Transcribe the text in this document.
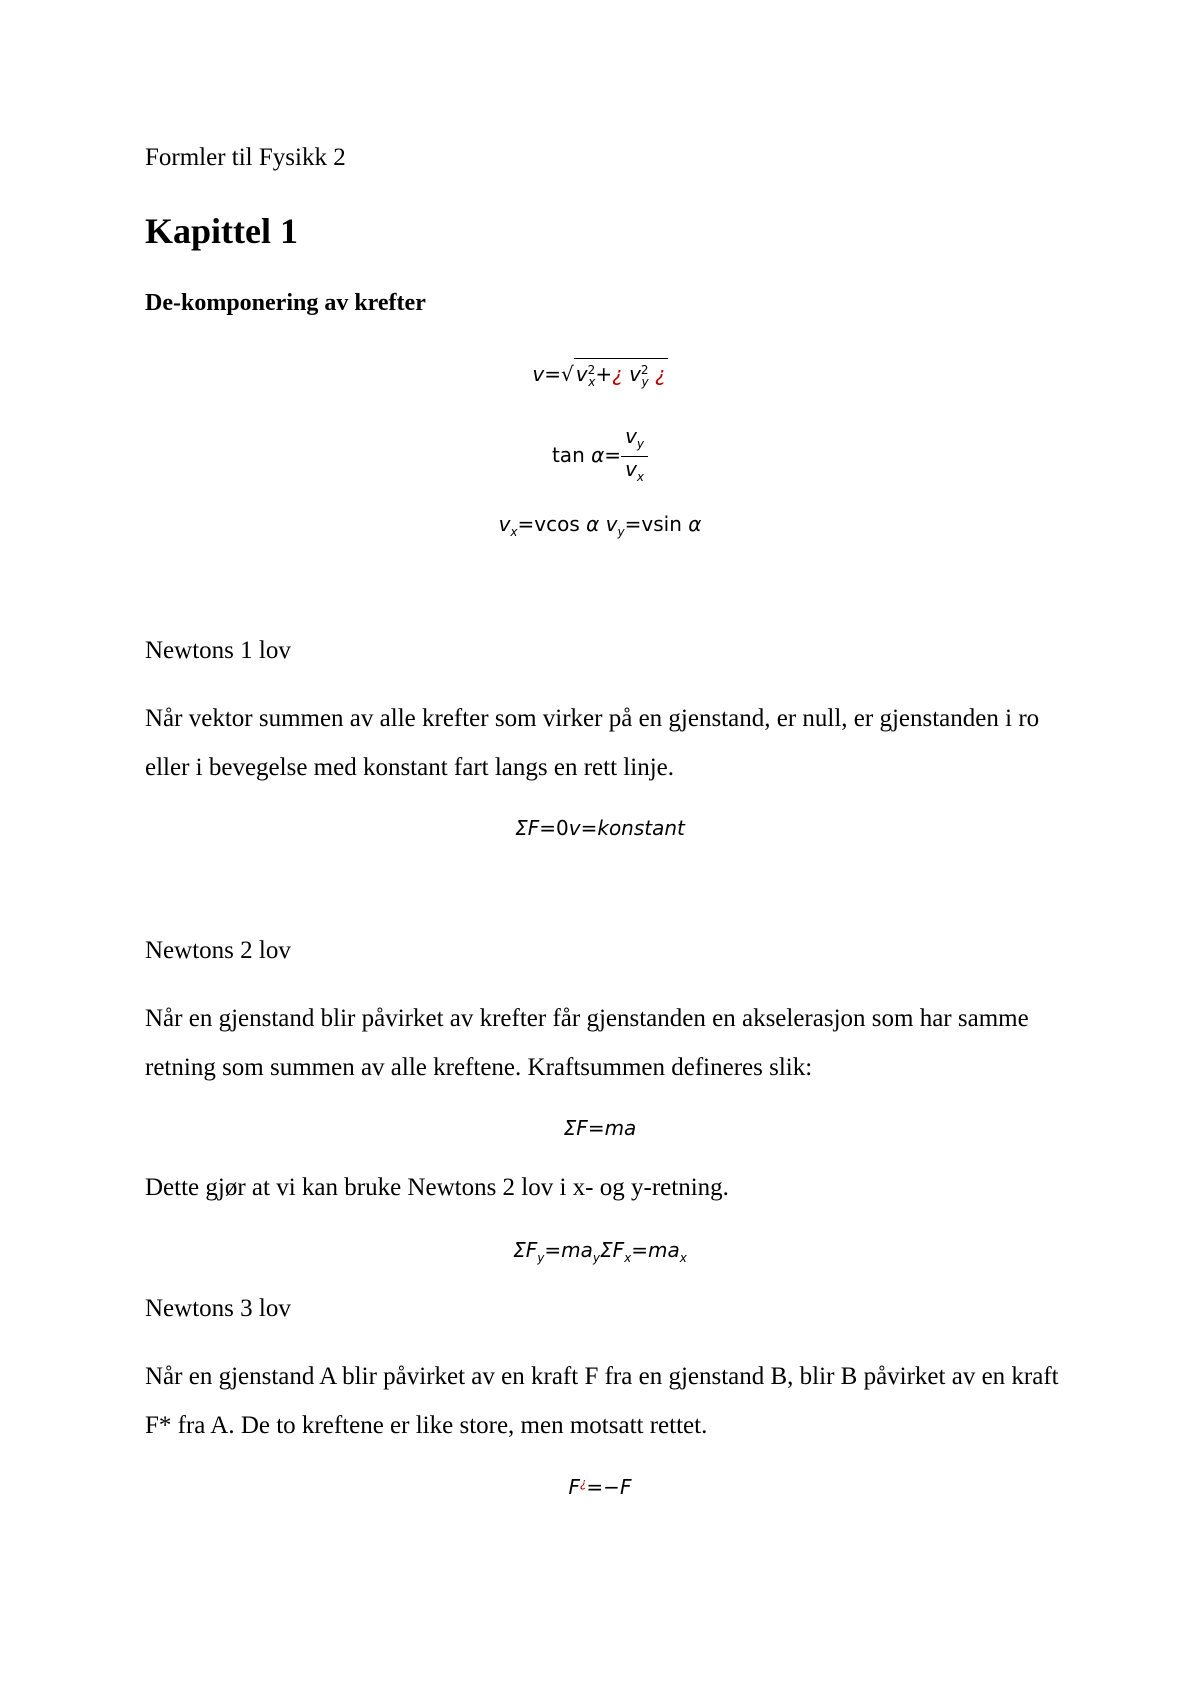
Formler til Fysikk 2
Kapittel 1
De-komponering av krefter
v=√ $v^2_x+¿$ $v^2_y$ ¿
$\tan \alpha= \frac{v_y}{v_x}$
$v_x=vcos$ α $v_y=vsin$ α
Newtons 1 lov
Når vektor summen av alle krefter som virker på en gjenstand, er null, er gjenstanden i ro eller i bevegelse med konstant fart langs en rett linje.
ΣF=0v=konstant
Newtons 2 lov
Når en gjenstand blir påvirket av krefter får gjenstanden en akselerasjon som har samme retning som summen av alle kreftene. Kraftsummen defineres slik:
ΣF=ma
Dette gjør at vi kan bruke Newtons 2 lov i x- og y-retning.
$\Sigma F_y=ma_y\Sigma F_x=ma_x$
Newtons 3 lov
Når en gjenstand A blir påvirket av en kraft F fra en gjenstand B, blir B påvirket av en kraft F* fra A. De to kreftene er like store, men motsatt rettet.
F¿=−F
